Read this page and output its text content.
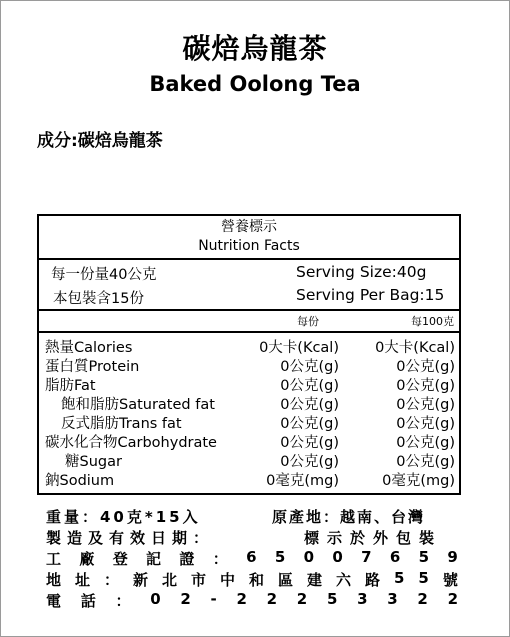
碳焙烏龍茶
Baked Oolong Tea
成分:碳焙烏龍茶
營養標示
Nutrition Facts
每一份量40公克	Serving Size:40g
本包裝含15份	Serving Per Bag:15
每份	每100克
熱量Calories	0大卡(Kcal) 0大卡(Kcal)
蛋白質Protein	0公克(g)	0公克(g)
脂肪Fat	0公克(g)	0公克(g)
飽和脂肪Saturated fat	0公克(g)	0公克(g)
反式脂肪Trans fat	0公克(g)	0公克(g)
碳水化合物Carbohydrate	0公克(g)	0公克(g)
糖Sugar	0公克(g)	0公克(g)
鈉Sodium	0毫克(mg)	0毫克(mg)
重量：40克*15入	原產地：越南、台灣
製造及有效日期：	標示於外包裝
工 廠 登 記 證 ： 6 5 0 0 7 6 5 9
地 址 ： 新 北 市 中 和 區 建 六 路 5 5 號
電 話 ： 0 2 - 2 2 2 5 3 3 2 2
